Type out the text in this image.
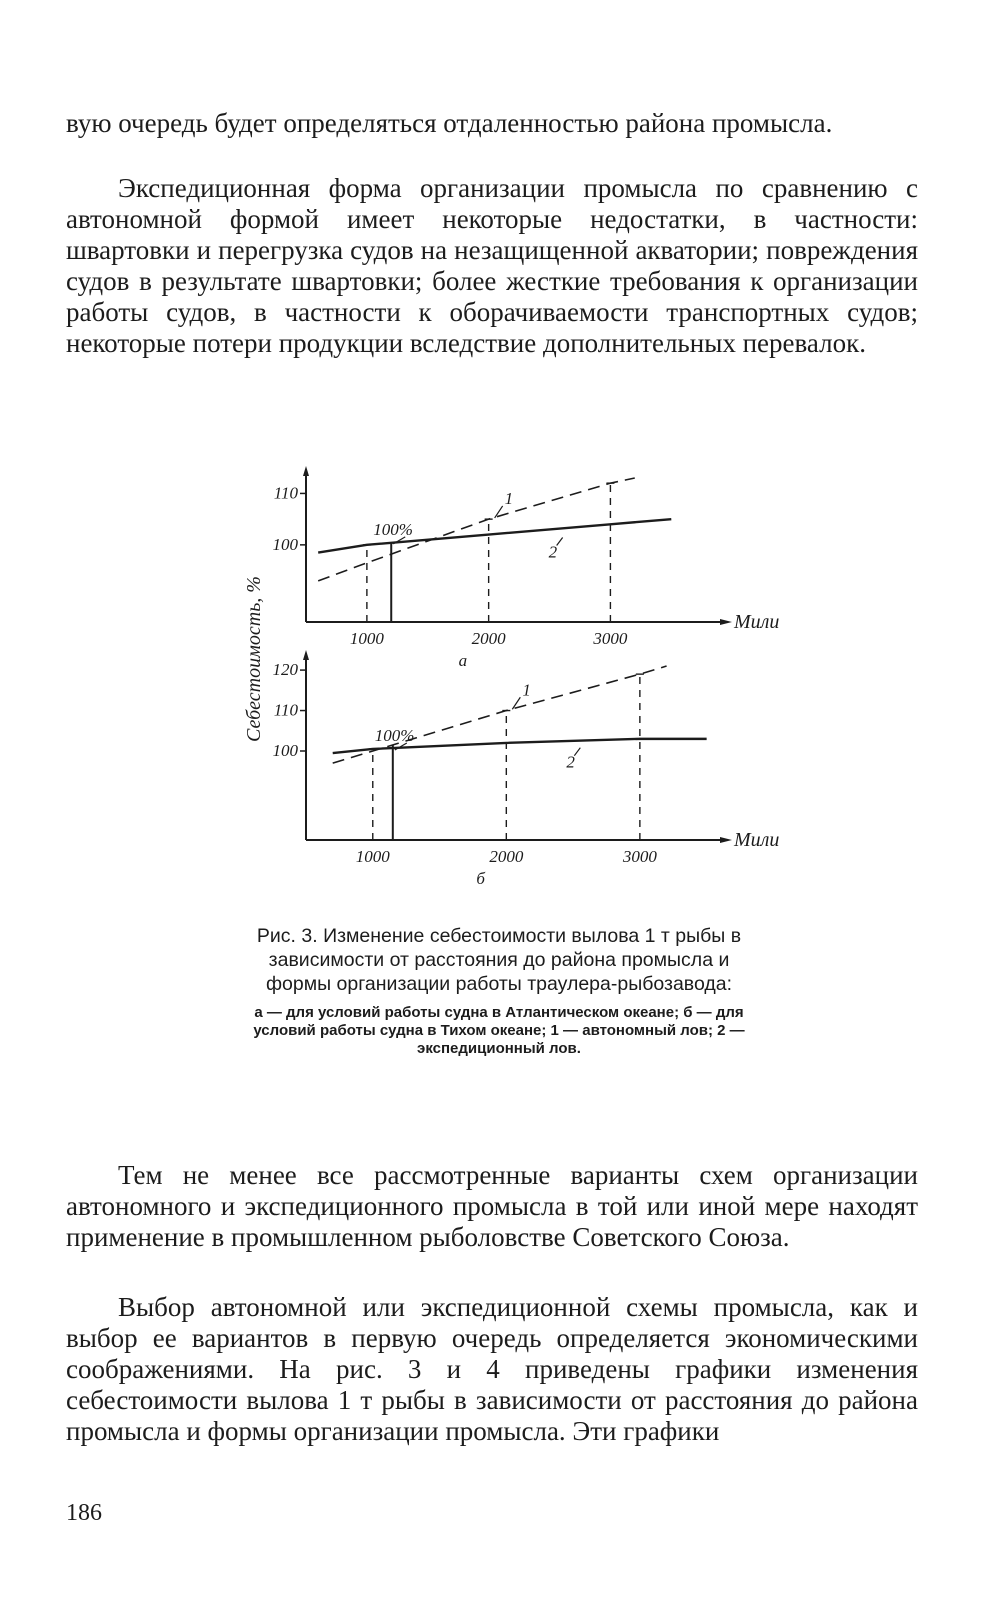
вую очередь будет определяться отдаленностью района промысла.

Экспедиционная форма организации промысла по сравнению с автономной формой имеет некоторые недостатки, в частности: швартовки и перегрузка судов на незащищенной акватории; повреждения судов в результате швартовки; более жесткие требования к организации работы судов, в частности к оборачиваемости транспортных судов; некоторые потери продукции вследствие дополнительных перевалок.

Мили
100
110
1000	2000	3000
1
2
100%
а
Мили
100
110
120
1000	2000	3000
1
2
100%
б
Себестоимость, %

Рис. 3. Изменение себестоимости вылова 1 т рыбы в зависимости от расстояния до района промысла и формы организации работы траулера-рыбозавода:

а — для условий работы судна в Атлантическом океане; б — для условий работы судна в Тихом океане; 1 — автономный лов; 2 — экспедиционный лов.

Тем не менее все рассмотренные варианты схем организации автономного и экспедиционного промысла в той или иной мере находят применение в промышленном рыболовстве Советского Союза.

Выбор автономной или экспедиционной схемы промысла, как и выбор ее вариантов в первую очередь определяется экономическими соображениями. На рис. 3 и 4 приведены графики изменения себестоимости вылова 1 т рыбы в зависимости от расстояния до района промысла и формы организации промысла. Эти графики

186
